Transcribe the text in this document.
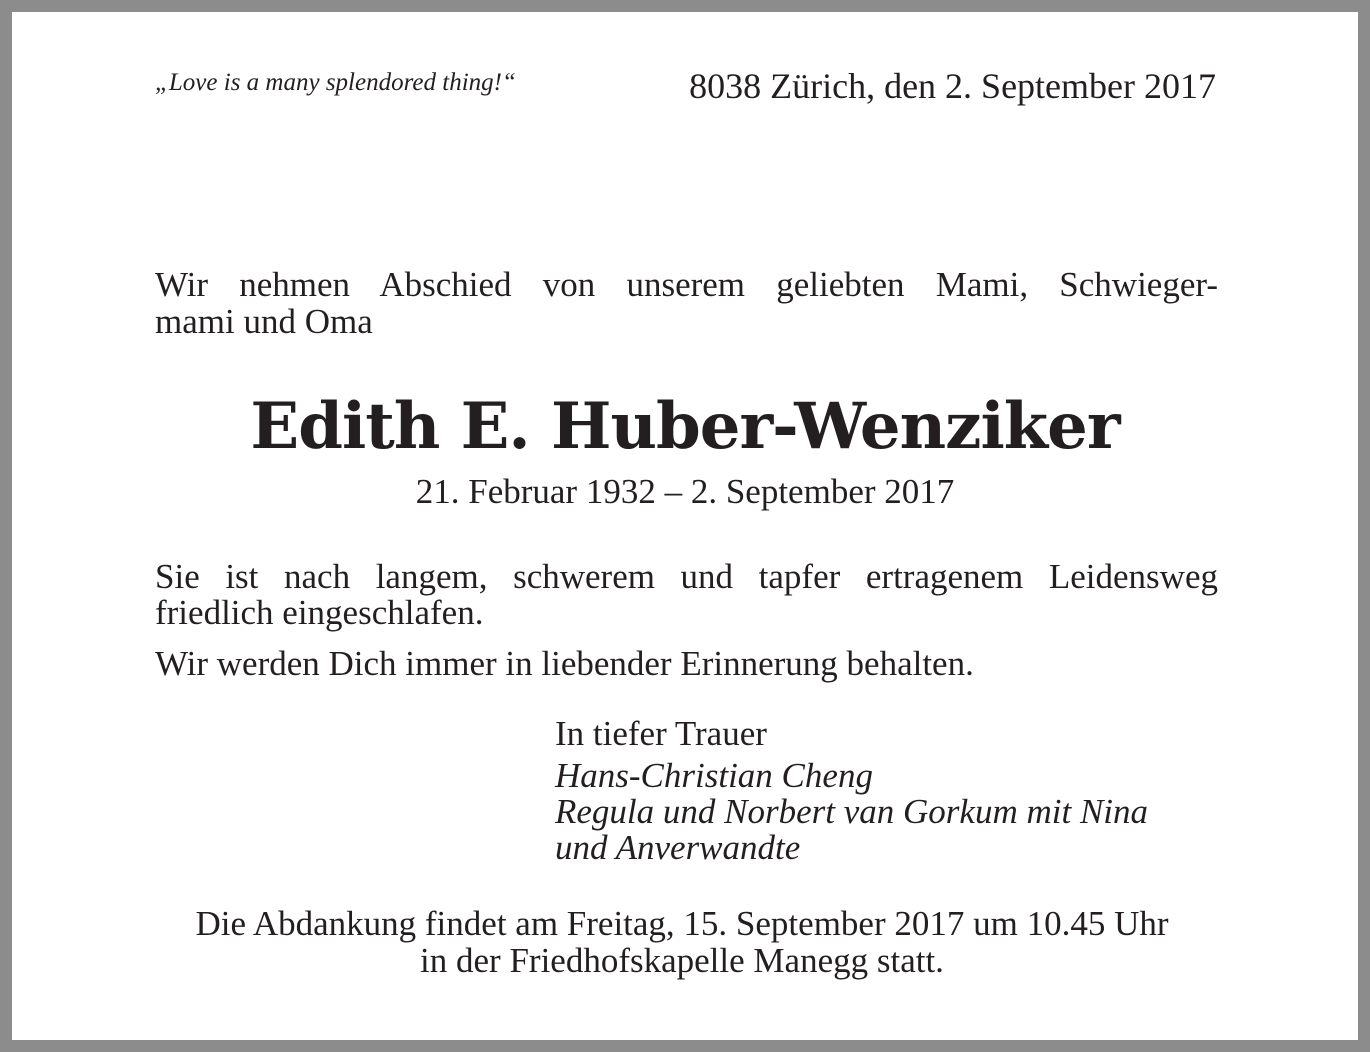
„Love is a many splendored thing!“	8038 Zürich, den 2. September 2017

Wir nehmen Abschied von unserem geliebten Mami, Schwieger-
mami und Oma

Edith E. Huber-Wenziker

21. Februar 1932 – 2. September 2017

Sie ist nach langem, schwerem und tapfer ertragenem Leidensweg
friedlich eingeschlafen.

Wir werden Dich immer in liebender Erinnerung behalten.

In tiefer Trauer

Hans-Christian Cheng
Regula und Norbert van Gorkum mit Nina
und Anverwandte

Die Abdankung findet am Freitag, 15. September 2017 um 10.45 Uhr
in der Friedhofskapelle Manegg statt.
